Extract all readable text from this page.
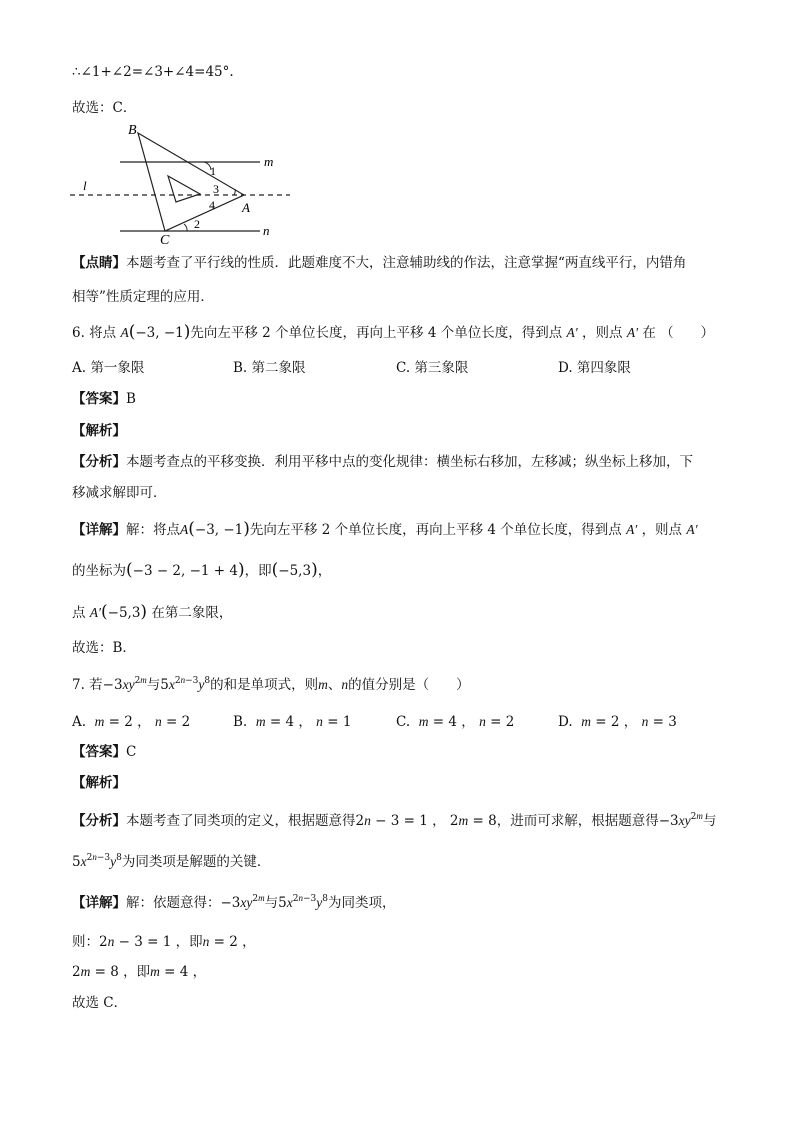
∴∠1+∠2=∠3+∠4=45°.
故选：C．
B
m
l
A
n
C
1
3
4
2
【点睛】本题考查了平行线的性质．此题难度不大，注意辅助线的作法，注意掌握“两直线平行，内错角
相等”性质定理的应用．
6. 将点 A(−3, −1)先向左平移 2 个单位长度，再向上平移 4 个单位长度，得到点 A′ ，则点 A′ 在 （　　）
A. 第一象限	B. 第二象限	C. 第三象限	D. 第四象限
【答案】B
【解析】
【分析】本题考查点的平移变换．利用平移中点的变化规律：横坐标右移加，左移减；纵坐标上移加，下
移减求解即可．
【详解】解：将点A(−3, −1)先向左平移 2 个单位长度，再向上平移 4 个单位长度，得到点 A′ ，则点 A′
的坐标为(−3 − 2, −1 + 4)，即(−5,3)，
点 A′(−5,3) 在第二象限，
故选：B．
7. 若$-3xy^{2m}$与$5x^{2n-3}y^8$的和是单项式，则m、n的值分别是（　　）
A. m = 2 ， n = 2	B. m = 4 ， n = 1	C. m = 4 ， n = 2	D. m = 2 ， n = 3
【答案】C
【解析】
【分析】本题考查了同类项的定义，根据题意得2n − 3 = 1 ， 2m = 8，进而可求解，根据题意得$-3xy^{2m}$与
$5x^{2n-3}y^8$为同类项是解题的关键．
【详解】解：依题意得：$-3xy^{2m}$与$5x^{2n-3}y^8$为同类项，
则：2n − 3 = 1 ，即n = 2 ，
2m = 8 ，即m = 4 ，
故选 C．
